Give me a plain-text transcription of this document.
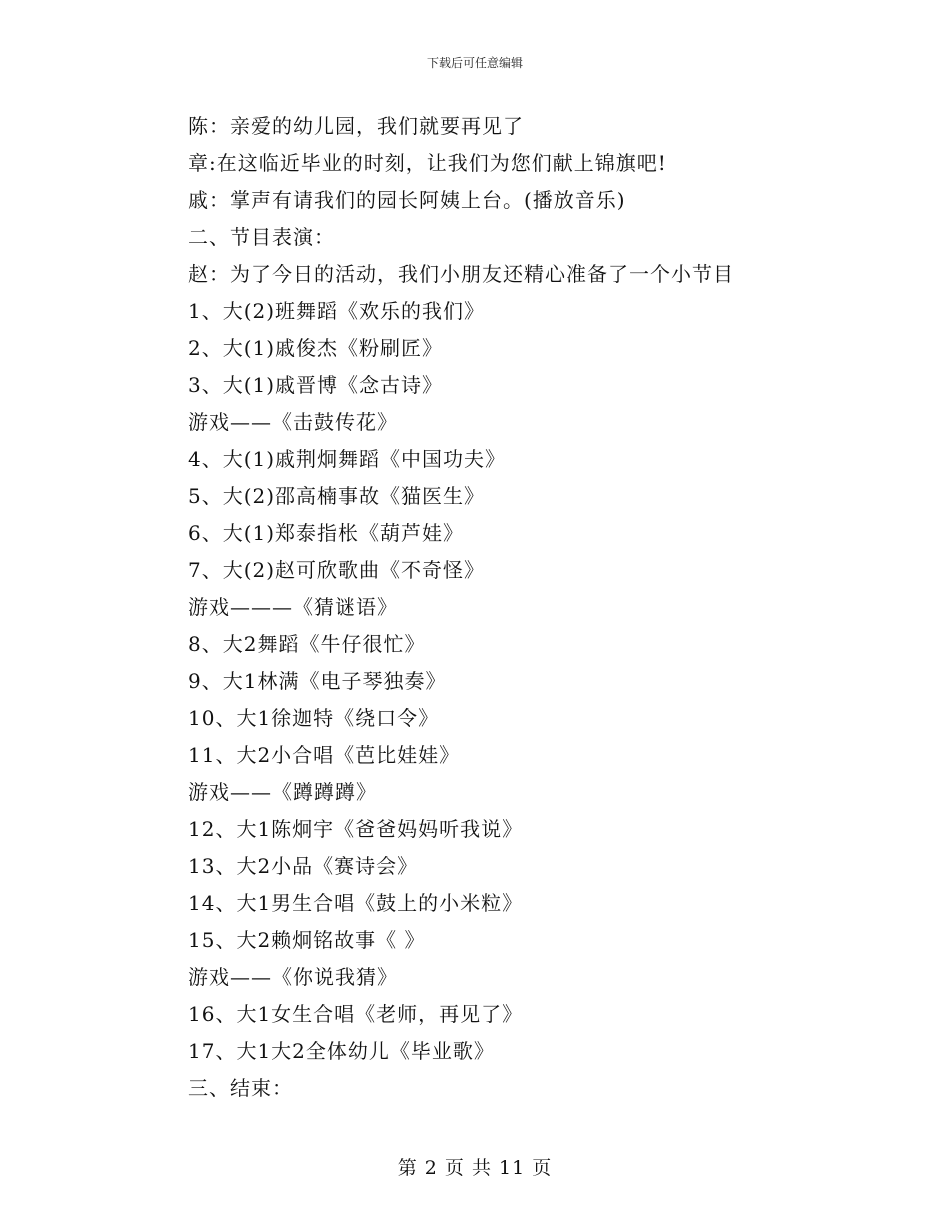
下载后可任意编辑
陈：亲爱的幼儿园，我们就要再见了
章:在这临近毕业的时刻，让我们为您们献上锦旗吧!
戚：掌声有请我们的园长阿姨上台。(播放音乐)
二、节目表演：
赵：为了今日的活动，我们小朋友还精心准备了一个小节目
1、大(2)班舞蹈《欢乐的我们》
2、大(1)戚俊杰《粉刷匠》
3、大(1)戚晋博《念古诗》
游戏——《击鼓传花》
4、大(1)戚荆炯舞蹈《中国功夫》
5、大(2)邵高楠事故《猫医生》
6、大(1)郑泰指枨《葫芦娃》
7、大(2)赵可欣歌曲《不奇怪》
游戏———《猜谜语》
8、大2舞蹈《牛仔很忙》
9、大1林满《电子琴独奏》
10、大1徐迦特《绕口令》
11、大2小合唱《芭比娃娃》
游戏——《蹲蹲蹲》
12、大1陈炯宇《爸爸妈妈听我说》
13、大2小品《赛诗会》
14、大1男生合唱《鼓上的小米粒》
15、大2赖炯铭故事《 》
游戏——《你说我猜》
16、大1女生合唱《老师，再见了》
17、大1大2全体幼儿《毕业歌》
三、结束：
第 2 页 共 11 页
